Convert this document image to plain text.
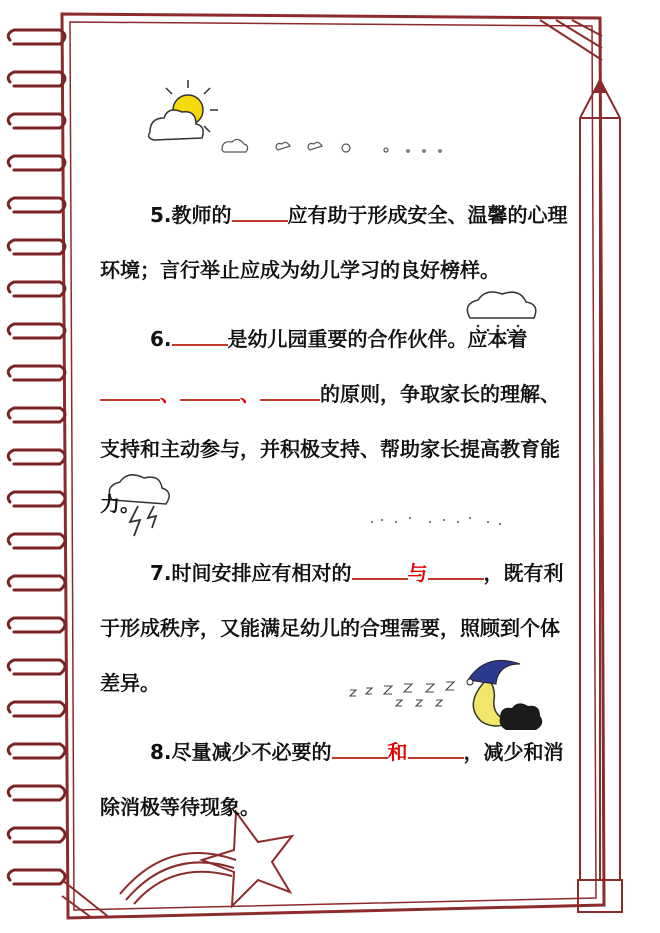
5.教师的	应有助于形成安全、温馨的心理环境；言行举止应成为幼儿学习的良好榜样。

6.	是幼儿园重要的合作伙伴。应本着、	、	的原则，争取家长的理解、支持和主动参与，并积极支持、帮助家长提高教育能力。

7.时间安排应有相对的	与	，既有利于形成秩序，又能满足幼儿的合理需要，照顾到个体差异。

8.尽量减少不必要的	和	，减少和消除消极等待现象。
